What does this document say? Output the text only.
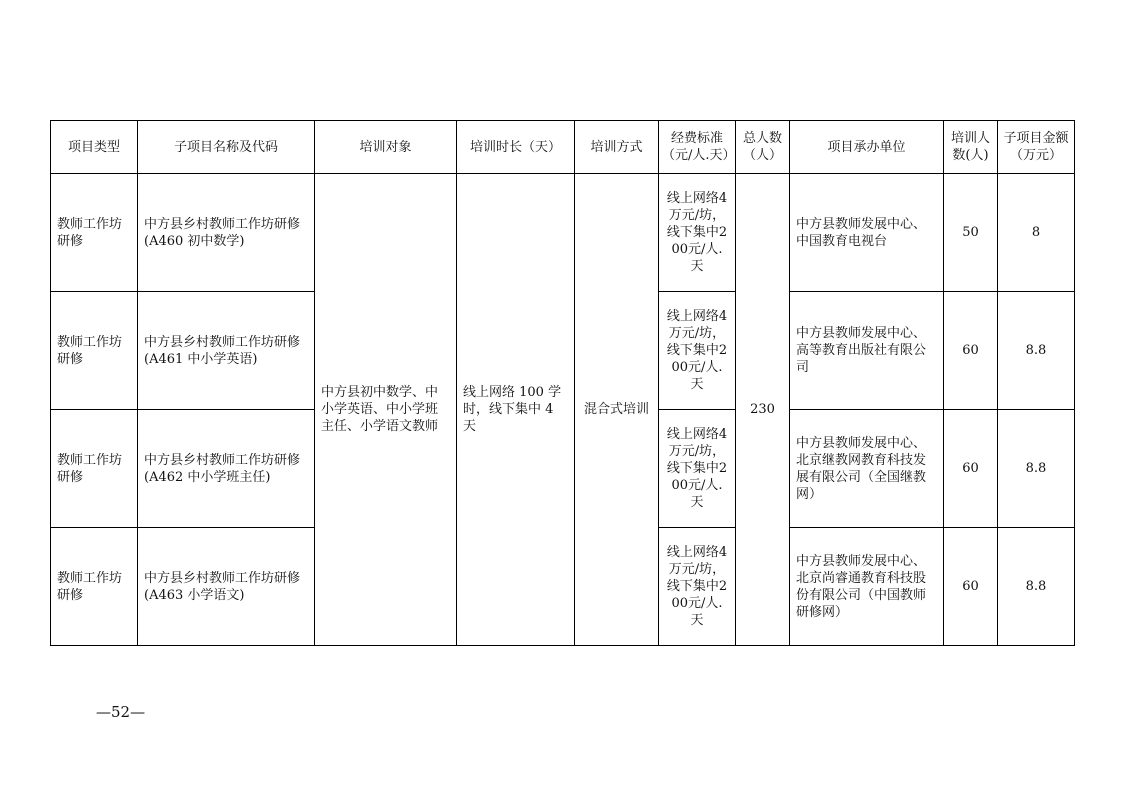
项目类型	子项目名称及代码	培训对象	培训时长（天）	培训方式	经费标准（元/人.天）	总人数（人）	项目承办单位	培训人数(人)	子项目金额（万元）
教师工作坊研修	中方县乡村教师工作坊研修(A460 初中数学)	中方县初中数学、中小学英语、中小学班主任、小学语文教师	线上网络 100 学时，线下集中 4 天	混合式培训	线上网络4万元/坊，线下集中200元/人.天	230	中方县教师发展中心、中国教育电视台	50	8
教师工作坊研修	中方县乡村教师工作坊研修(A461 中小学英语)				线上网络4万元/坊，线下集中200元/人.天		中方县教师发展中心、高等教育出版社有限公司	60	8.8
教师工作坊研修	中方县乡村教师工作坊研修(A462 中小学班主任)				线上网络4万元/坊，线下集中200元/人.天		中方县教师发展中心、北京继教网教育科技发展有限公司（全国继教网）	60	8.8
教师工作坊研修	中方县乡村教师工作坊研修(A463 小学语文)				线上网络4万元/坊，线下集中200元/人.天		中方县教师发展中心、北京尚睿通教育科技股份有限公司（中国教师研修网）	60	8.8
—52—
